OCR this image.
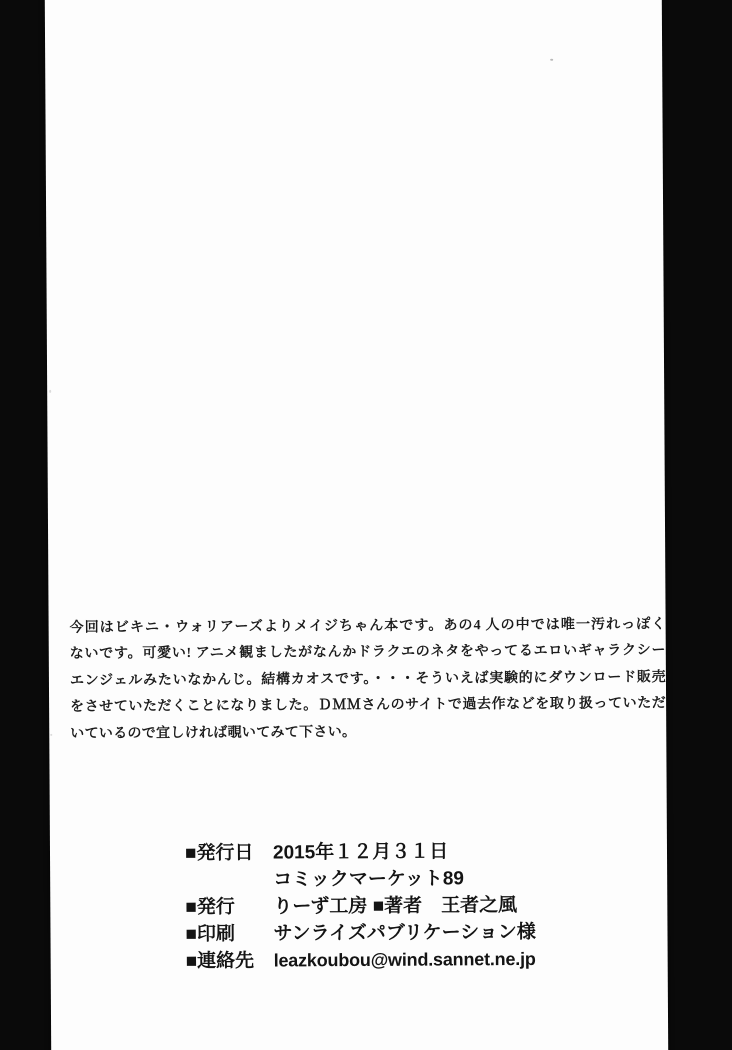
今回はビキニ・ウォリアーズよりメイジちゃん本です。あの4 人の中では唯一汚れっぽく
ないです。可愛い! アニメ観ましたがなんかドラクエのネタをやってるエロいギャラクシー
エンジェルみたいなかんじ。結構カオスです。・・・そういえば実験的にダウンロード販売
をさせていただくことになりました。ＤＭＭさんのサイトで過去作などを取り扱っていただ
いているので宜しければ覗いてみて下さい。
■発行日	2015年１２月３１日
コミックマーケット89
■発行	りーず工房 ■著者　王者之風
■印刷	サンライズパブリケーション様
■連絡先	leazkoubou@wind.sannet.ne.jp
